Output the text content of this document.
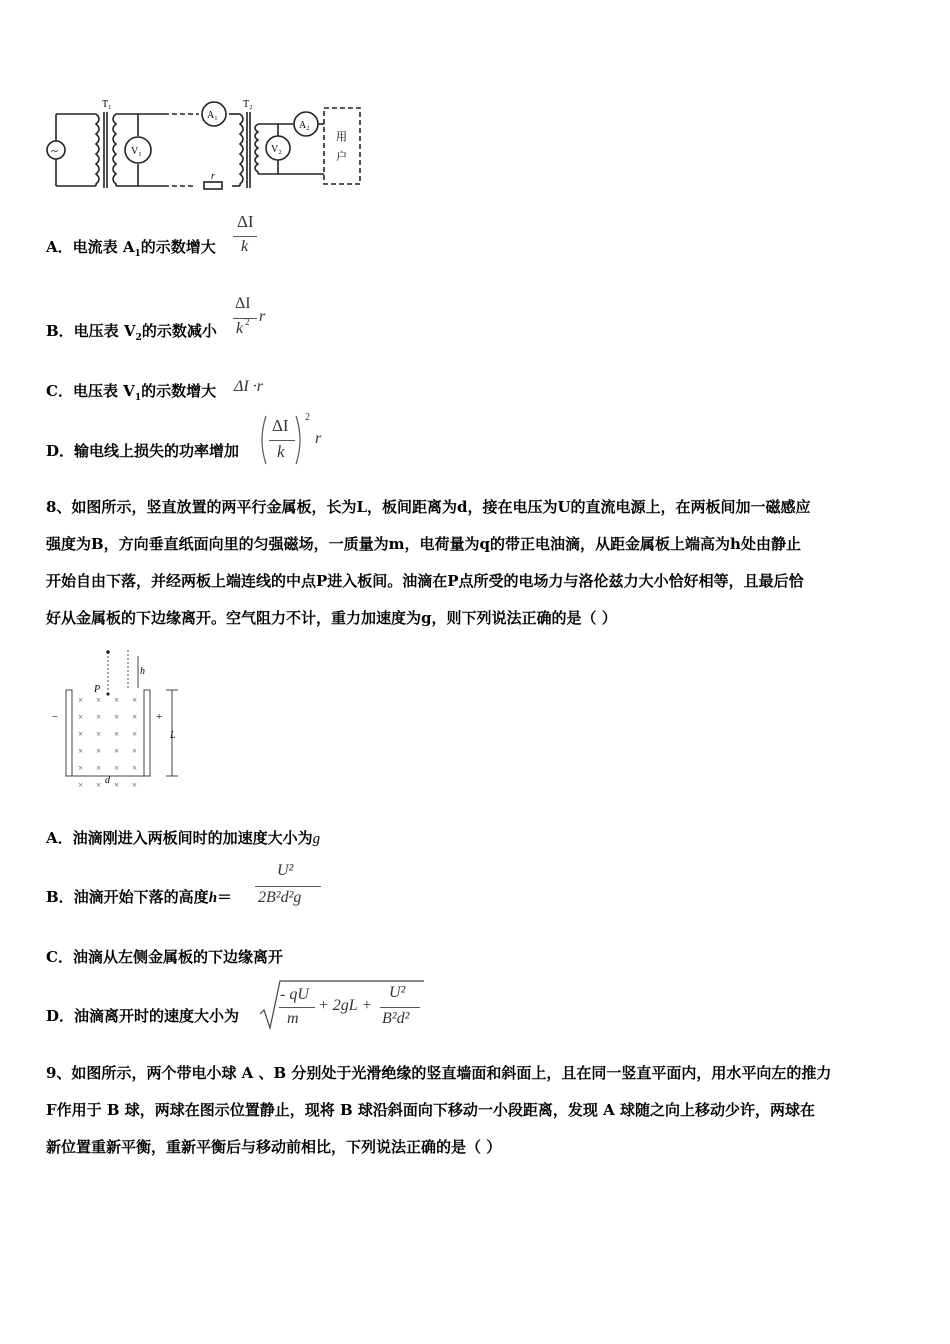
~
T₁	T₂
A₁
V₁	V₂
A₂
r
用
户
A．电流表 $A_1$的示数增大
ΔI
k
B．电压表 $V_2$的示数减小
ΔI
k 2 r
C．电压表 $V_1$的示数增大 ΔI ·r
D．输电线上损失的功率增加
ΔI
k
2
r
8、如图所示，竖直放置的两平行金属板，长为L，板间距离为d，接在电压为U的直流电源上，在两板间加一磁感应
强度为B，方向垂直纸面向里的匀强磁场，一质量为m，电荷量为q的带正电油滴，从距金属板上端高为h处由静止
开始自由下落，并经两板上端连线的中点P进入板间。油滴在P点所受的电场力与洛伦兹力大小恰好相等，且最后恰
好从金属板的下边缘离开。空气阻力不计，重力加速度为g，则下列说法正确的是（ ）
P
h
L
d
−	+
× × × ×
× × × ×
× × × ×
× × × ×
× × × ×
× × × ×
A．油滴刚进入两板间时的加速度大小为g
B．油滴开始下落的高度h＝
U²
2B²d²g
C．油滴从左侧金属板的下边缘离开
D．油滴离开时的速度大小为
- qU
m
+ 2gL +
U²
B²d²
9、如图所示，两个带电小球 A 、B 分别处于光滑绝缘的竖直墙面和斜面上，且在同一竖直平面内，用水平向左的推力
F作用于 B 球，两球在图示位置静止，现将 B 球沿斜面向下移动一小段距离，发现 A 球随之向上移动少许，两球在
新位置重新平衡，重新平衡后与移动前相比，下列说法正确的是（ ）
